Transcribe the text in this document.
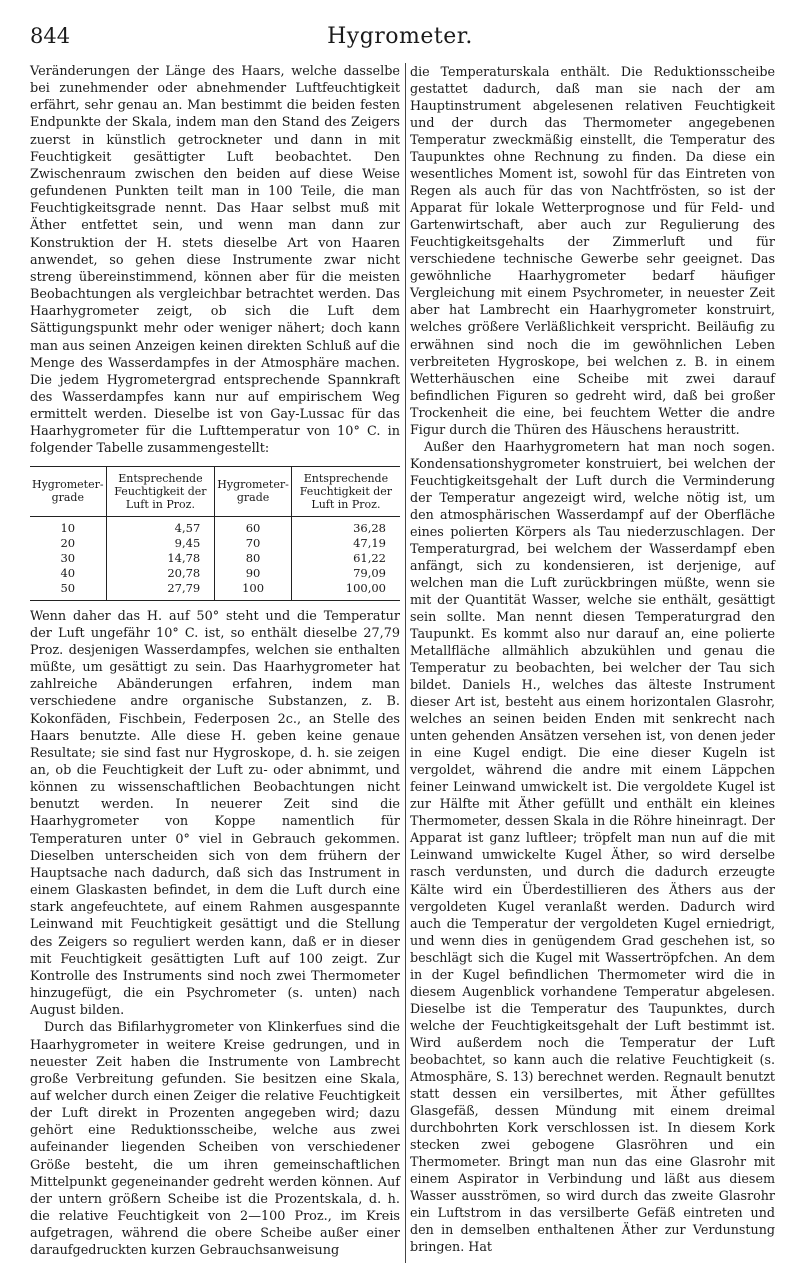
844	Hygrometer.

Veränderungen der Länge des Haars, welche dasselbe bei zunehmender oder abnehmender Luftfeuchtigkeit erfährt, sehr genau an. Man bestimmt die beiden festen Endpunkte der Skala, indem man den Stand des Zeigers zuerst in künstlich getrockneter und dann in mit Feuchtigkeit gesättigter Luft beobachtet. Den Zwischenraum zwischen den beiden auf diese Weise gefundenen Punkten teilt man in 100 Teile, die man Feuchtigkeitsgrade nennt. Das Haar selbst muß mit Äther entfettet sein, und wenn man dann zur Konstruktion der H. stets dieselbe Art von Haaren anwendet, so gehen diese Instrumente zwar nicht streng übereinstimmend, können aber für die meisten Beobachtungen als vergleichbar betrachtet werden. Das Haarhygrometer zeigt, ob sich die Luft dem Sättigungspunkt mehr oder weniger nähert; doch kann man aus seinen Anzeigen keinen direkten Schluß auf die Menge des Wasserdampfes in der Atmosphäre machen. Die jedem Hygrometergrad entsprechende Spannkraft des Wasserdampfes kann nur auf empirischem Weg ermittelt werden. Dieselbe ist von Gay-Lussac für das Haarhygrometer für die Lufttemperatur von 10° C. in folgender Tabelle zusammengestellt:

Hygrometer-grade	Entsprechende Feuchtigkeit der Luft in Proz.	Hygrometer-grade	Entsprechende Feuchtigkeit der Luft in Proz.
10	4,57	60	36,28
20	9,45	70	47,19
30	14,78	80	61,22
40	20,78	90	79,09
50	27,79	100	100,00

Wenn daher das H. auf 50° steht und die Temperatur der Luft ungefähr 10° C. ist, so enthält dieselbe 27,79 Proz. desjenigen Wasserdampfes, welchen sie enthalten müßte, um gesättigt zu sein. Das Haarhygrometer hat zahlreiche Abänderungen erfahren, indem man verschiedene andre organische Substanzen, z. B. Kokonfäden, Fischbein, Federposen 2c., an Stelle des Haars benutzte. Alle diese H. geben keine genaue Resultate; sie sind fast nur Hygroskope, d. h. sie zeigen an, ob die Feuchtigkeit der Luft zu- oder abnimmt, und können zu wissenschaftlichen Beobachtungen nicht benutzt werden. In neuerer Zeit sind die Haarhygrometer von Koppe namentlich für Temperaturen unter 0° viel in Gebrauch gekommen. Dieselben unterscheiden sich von dem frühern der Hauptsache nach dadurch, daß sich das Instrument in einem Glaskasten befindet, in dem die Luft durch eine stark angefeuchtete, auf einem Rahmen ausgespannte Leinwand mit Feuchtigkeit gesättigt und die Stellung des Zeigers so reguliert werden kann, daß er in dieser mit Feuchtigkeit gesättigten Luft auf 100 zeigt. Zur Kontrolle des Instruments sind noch zwei Thermometer hinzugefügt, die ein Psychrometer (s. unten) nach August bilden.

Durch das Bifilarhygrometer von Klinkerfues sind die Haarhygrometer in weitere Kreise gedrungen, und in neuester Zeit haben die Instrumente von Lambrecht große Verbreitung gefunden. Sie besitzen eine Skala, auf welcher durch einen Zeiger die relative Feuchtigkeit der Luft direkt in Prozenten angegeben wird; dazu gehört eine Reduktionsscheibe, welche aus zwei aufeinander liegenden Scheiben von verschiedener Größe besteht, die um ihren gemeinschaftlichen Mittelpunkt gegeneinander gedreht werden können. Auf der untern größern Scheibe ist die Prozentskala, d. h. die relative Feuchtigkeit von 2—100 Proz., im Kreis aufgetragen, während die obere Scheibe außer einer daraufgedruckten kurzen Gebrauchsanweisung

die Temperaturskala enthält. Die Reduktionsscheibe gestattet dadurch, daß man sie nach der am Hauptinstrument abgelesenen relativen Feuchtigkeit und der durch das Thermometer angegebenen Temperatur zweckmäßig einstellt, die Temperatur des Taupunktes ohne Rechnung zu finden. Da diese ein wesentliches Moment ist, sowohl für das Eintreten von Regen als auch für das von Nachtfrösten, so ist der Apparat für lokale Wetterprognose und für Feld- und Gartenwirtschaft, aber auch zur Regulierung des Feuchtigkeitsgehalts der Zimmerluft und für verschiedene technische Gewerbe sehr geeignet. Das gewöhnliche Haarhygrometer bedarf häufiger Vergleichung mit einem Psychrometer, in neuester Zeit aber hat Lambrecht ein Haarhygrometer konstruirt, welches größere Verläßlichkeit verspricht. Beiläufig zu erwähnen sind noch die im gewöhnlichen Leben verbreiteten Hygroskope, bei welchen z. B. in einem Wetterhäuschen eine Scheibe mit zwei darauf befindlichen Figuren so gedreht wird, daß bei großer Trockenheit die eine, bei feuchtem Wetter die andre Figur durch die Thüren des Häuschens heraustritt.

Außer den Haarhygrometern hat man noch sogen. Kondensationshygrometer konstruiert, bei welchen der Feuchtigkeitsgehalt der Luft durch die Verminderung der Temperatur angezeigt wird, welche nötig ist, um den atmosphärischen Wasserdampf auf der Oberfläche eines polierten Körpers als Tau niederzuschlagen. Der Temperaturgrad, bei welchem der Wasserdampf eben anfängt, sich zu kondensieren, ist derjenige, auf welchen man die Luft zurückbringen müßte, wenn sie mit der Quantität Wasser, welche sie enthält, gesättigt sein sollte. Man nennt diesen Temperaturgrad den Taupunkt. Es kommt also nur darauf an, eine polierte Metallfläche allmählich abzukühlen und genau die Temperatur zu beobachten, bei welcher der Tau sich bildet. Daniels H., welches das älteste Instrument dieser Art ist, besteht aus einem horizontalen Glasrohr, welches an seinen beiden Enden mit senkrecht nach unten gehenden Ansätzen versehen ist, von denen jeder in eine Kugel endigt. Die eine dieser Kugeln ist vergoldet, während die andre mit einem Läppchen feiner Leinwand umwickelt ist. Die vergoldete Kugel ist zur Hälfte mit Äther gefüllt und enthält ein kleines Thermometer, dessen Skala in die Röhre hineinragt. Der Apparat ist ganz luftleer; tröpfelt man nun auf die mit Leinwand umwickelte Kugel Äther, so wird derselbe rasch verdunsten, und durch die dadurch erzeugte Kälte wird ein Überdestillieren des Äthers aus der vergoldeten Kugel veranlaßt werden. Dadurch wird auch die Temperatur der vergoldeten Kugel erniedrigt, und wenn dies in genügendem Grad geschehen ist, so beschlägt sich die Kugel mit Wassertröpfchen. An dem in der Kugel befindlichen Thermometer wird die in diesem Augenblick vorhandene Temperatur abgelesen. Dieselbe ist die Temperatur des Taupunktes, durch welche der Feuchtigkeitsgehalt der Luft bestimmt ist. Wird außerdem noch die Temperatur der Luft beobachtet, so kann auch die relative Feuchtigkeit (s. Atmosphäre, S. 13) berechnet werden. Regnault benutzt statt dessen ein versilbertes, mit Äther gefülltes Glasgefäß, dessen Mündung mit einem dreimal durchbohrten Kork verschlossen ist. In diesem Kork stecken zwei gebogene Glasröhren und ein Thermometer. Bringt man nun das eine Glasrohr mit einem Aspirator in Verbindung und läßt aus diesem Wasser ausströmen, so wird durch das zweite Glasrohr ein Luftstrom in das versilberte Gefäß eintreten und den in demselben enthaltenen Äther zur Verdunstung bringen. Hat
